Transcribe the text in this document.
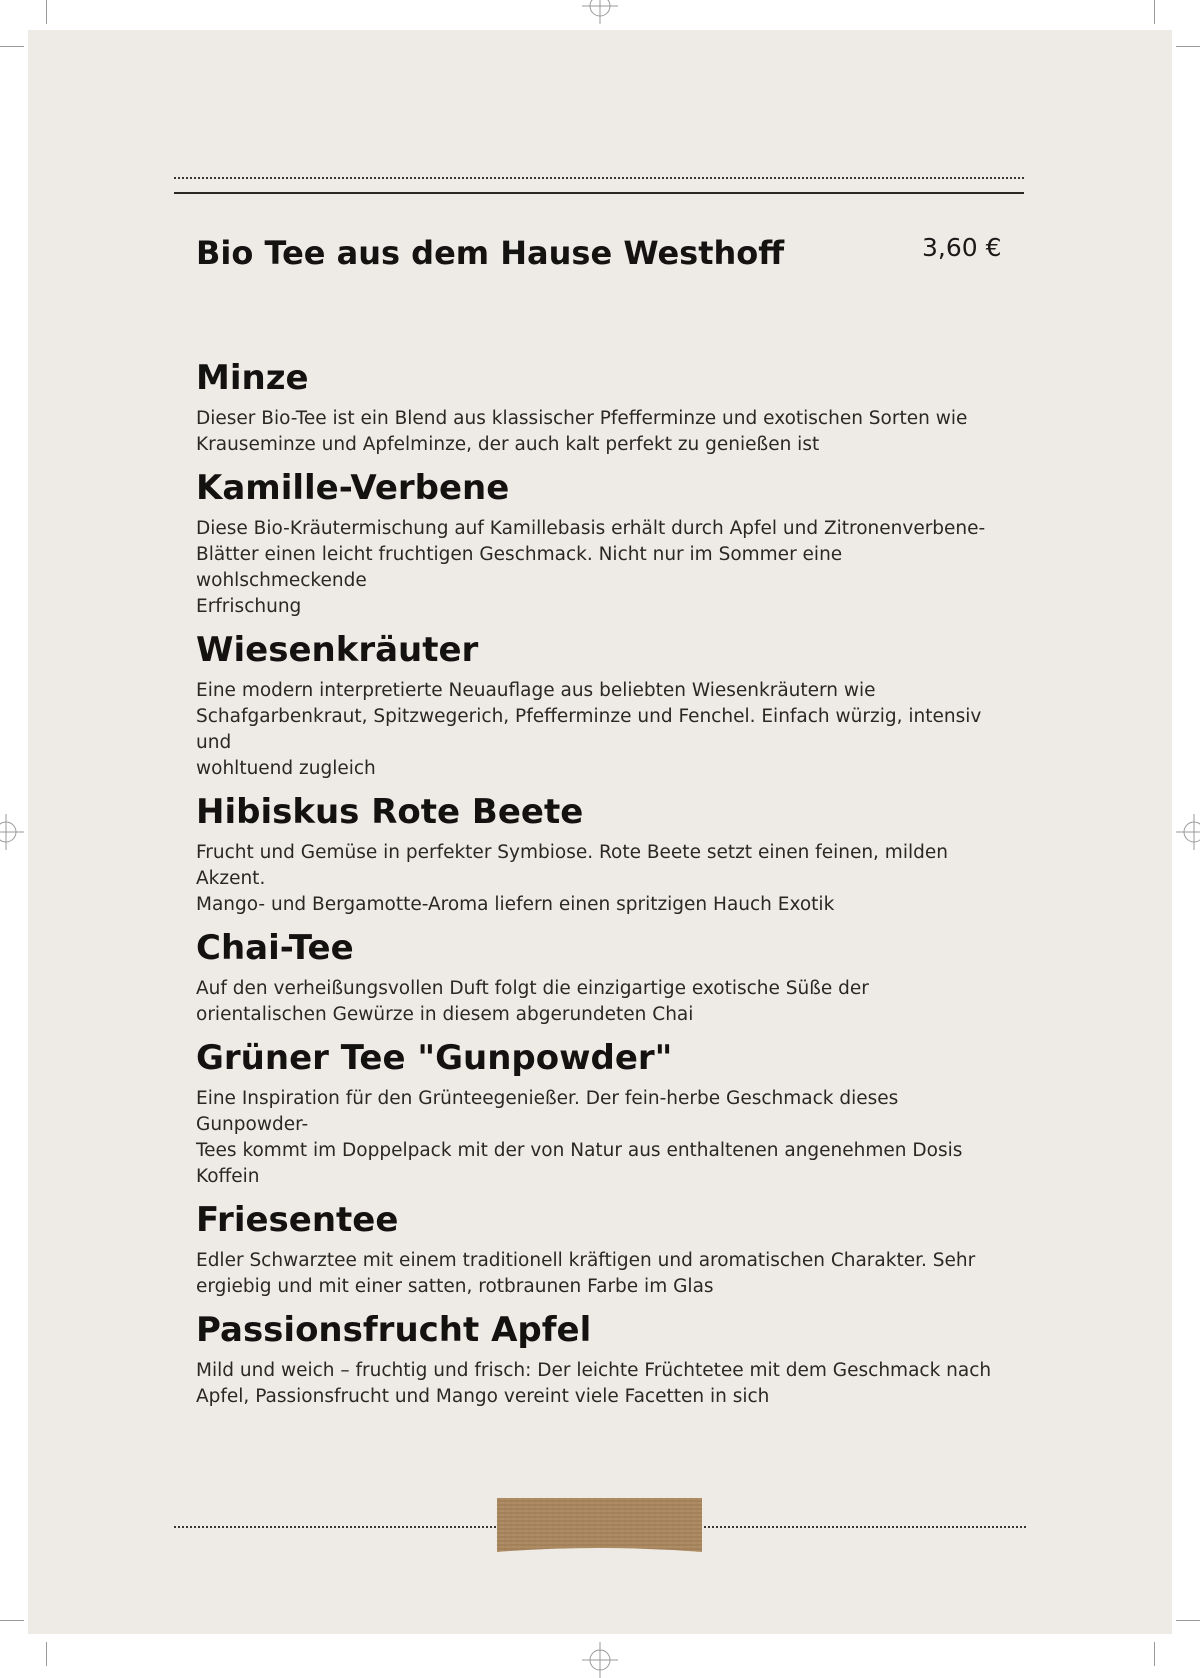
Bio Tee aus dem Hause Westhoff	3,60 €
Minze

Dieser Bio-Tee ist ein Blend aus klassischer Pfefferminze und exotischen Sorten wie
Krauseminze und Apfelminze, der auch kalt perfekt zu genießen ist

Kamille-Verbene

Diese Bio-Kräutermischung auf Kamillebasis erhält durch Apfel und Zitronenverbene-
Blätter einen leicht fruchtigen Geschmack. Nicht nur im Sommer eine wohlschmeckende
Erfrischung

Wiesenkräuter

Eine modern interpretierte Neuauflage aus beliebten Wiesenkräutern wie
Schafgarbenkraut, Spitzwegerich, Pfefferminze und Fenchel. Einfach würzig, intensiv und
wohltuend zugleich

Hibiskus Rote Beete

Frucht und Gemüse in perfekter Symbiose. Rote Beete setzt einen feinen, milden Akzent.
Mango- und Bergamotte-Aroma liefern einen spritzigen Hauch Exotik

Chai-Tee

Auf den verheißungsvollen Duft folgt die einzigartige exotische Süße der
orientalischen Gewürze in diesem abgerundeten Chai

Grüner Tee "Gunpowder"

Eine Inspiration für den Grünteegenießer. Der fein-herbe Geschmack dieses Gunpowder-
Tees kommt im Doppelpack mit der von Natur aus enthaltenen angenehmen Dosis Koffein

Friesentee

Edler Schwarztee mit einem traditionell kräftigen und aromatischen Charakter. Sehr
ergiebig und mit einer satten, rotbraunen Farbe im Glas

Passionsfrucht Apfel

Mild und weich – fruchtig und frisch: Der leichte Früchtetee mit dem Geschmack nach
Apfel, Passionsfrucht und Mango vereint viele Facetten in sich
